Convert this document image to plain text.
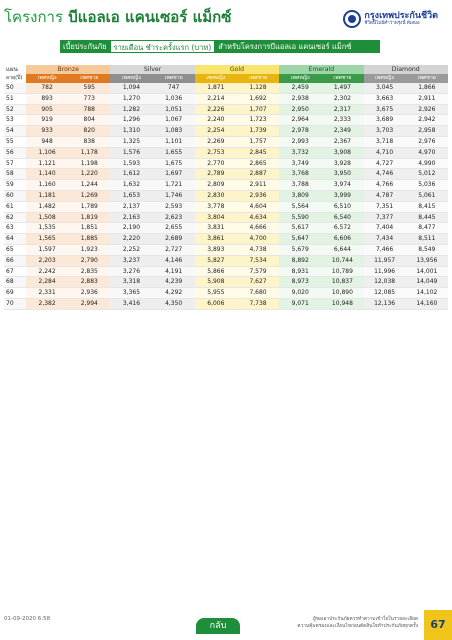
โครงการ บีแอลเอ แคนเซอร์ แม็กซ์	กรุงเทพประกันชีวิต
ชีวิตนี้ไม่มีคำว่าพรุ่งนี้ ดีเสมอ
เบี้ยประกันภัย รายเดือน ชำระครั้งแรก (บาท) สำหรับโครงการบีแอลเอ แคนเซอร์ แม็กซ์
แผน	Bronze		Silver		Gold		Emerald		Diamond	
อายุ(ปี)	เพศหญิง	เพศชาย	เพศหญิง	เพศชาย	เพศหญิง	เพศชาย	เพศหญิง	เพศชาย	เพศหญิง	เพศชาย
50	782	595	1,094	747	1,871	1,128	2,459	1,497	3,045	1,866
51	893	773	1,270	1,036	2,214	1,692	2,938	2,302	3,663	2,911
52	905	788	1,282	1,051	2,226	1,707	2,950	2,317	3,675	2,926
53	919	804	1,296	1,067	2,240	1,723	2,964	2,333	3,689	2,942
54	933	820	1,310	1,083	2,254	1,739	2,978	2,349	3,703	2,958
55	948	838	1,325	1,101	2,269	1,757	2,993	2,367	3,718	2,976
56	1,106	1,178	1,576	1,655	2,753	2,845	3,732	3,908	4,710	4,970
57	1,121	1,198	1,593	1,675	2,770	2,865	3,749	3,928	4,727	4,990
58	1,140	1,220	1,612	1,697	2,789	2,887	3,768	3,950	4,746	5,012
59	1,160	1,244	1,632	1,721	2,809	2,911	3,788	3,974	4,766	5,036
60	1,181	1,269	1,653	1,746	2,830	2,936	3,809	3,999	4,787	5,061
61	1,482	1,789	2,137	2,593	3,778	4,604	5,564	6,510	7,351	8,415
62	1,508	1,819	2,163	2,623	3,804	4,634	5,590	6,540	7,377	8,445
63	1,535	1,851	2,190	2,655	3,831	4,666	5,617	6,572	7,404	8,477
64	1,565	1,885	2,220	2,689	3,861	4,700	5,647	6,606	7,434	8,511
65	1,597	1,923	2,252	2,727	3,893	4,738	5,679	6,644	7,466	8,549
66	2,203	2,790	3,237	4,146	5,827	7,534	8,892	10,744	11,957	13,956
67	2,242	2,835	3,276	4,191	5,866	7,579	8,931	10,789	11,996	14,001
68	2,284	2,883	3,318	4,239	5,908	7,627	8,973	10,837	12,038	14,049
69	2,331	2,936	3,365	4,292	5,955	7,680	9,020	10,890	12,085	14,102
70	2,382	2,994	3,416	4,350	6,006	7,738	9,071	10,948	12,136	14,160
01-09-2020 6:58
กลับ
ผู้ขอเอาประกันภัยควรทำความเข้าใจในรายละเอียด
ความคุ้มครองและเงื่อนไขก่อนตัดสินใจทำประกันภัยทุกครั้ง	67
